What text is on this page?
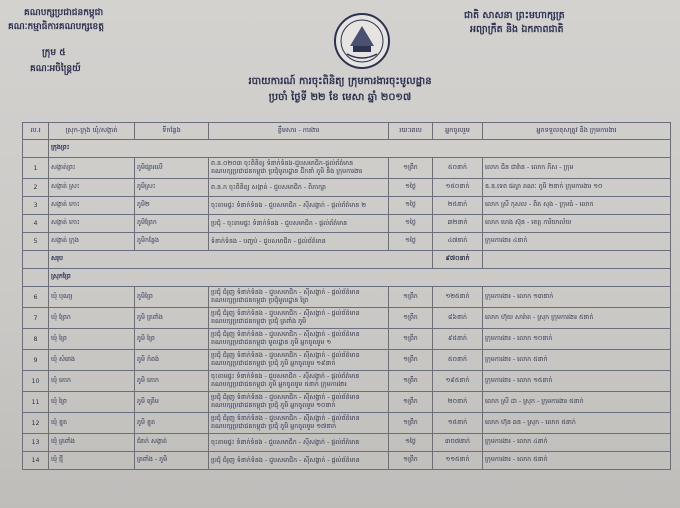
គណបក្សប្រជាជនកម្ពុជា
គណៈកម្មាធិការគណបក្សខេត្ត
ក្រុម ៥
គណៈអចិន្ត្រៃយ៍
ជាតិ សាសនា ព្រះមហាក្សត្រ
អព្យាក្រឹត និង ឯកភាពជាតិ
របាយការណ៍ ការចុះពិនិត្យ ក្រុមការងារចុះមូលដ្ឋាន
ប្រចាំ ថ្ងៃទី ២២ ខែ មេសា ឆ្នាំ ២០១៧
ល.រ	ស្រុក-ក្រុង ឃុំ/សង្កាត់	ទីកន្លែង	ខ្លឹមសារ - ការងារ	រយៈពេល	អ្នកចូលរួម	អ្នកទទួលខុសត្រូវ និង ក្រុមការងារ
	ក្រុងព្រះ					
1	សង្កាត់ព្រះ	ភូមិផ្សារលើ	ព.ន.០២០៣ ចុះពិនិត្យ ទំនាក់ទំនង-ជួបសមាជិក-ផ្ដល់ព័ត៌មាន
គណបក្សប្រជាជនកម្ពុជា ប្រជុំមូលដ្ឋាន ដឹកនាំ ភូមិ និង ក្រុមការងារ	១ព្រឹក	៥០នាក់	លោក ជិន ជាវ៉ាន - លោក ភីស - ក្រុម
2	សង្កាត់ ស្រះ	ភូមិស្រះ	ព.ន.ក ចុះពិនិត្យ សង្កាត់ - ជួបសមាជិក - ពិភាក្សា	១ថ្ងៃ	១៥០នាក់	ឧ.ឧ.ទេព ផល្លា គណៈ ភូមិ ២នាក់ ក្រុមការងារ ១០
3	សង្កាត់ កោះ	ភូមិ២	ចុះតាមផ្ទះ ទំនាក់ទំនង - ជួបសមាជិក - ស៊ីសង្វាក់ - ផ្ដល់ព័ត៌មាន ២	១ថ្ងៃ	២៥នាក់	លោក ស្រី កុសល - ពិត សុង - ក្រុមធំ - លោក
4	សង្កាត់ កោះ	ភូមិព្រែក	ប្រជុំ - ចុះតាមផ្ទះ ទំនាក់ទំនង - ជួបសមាជិក - ផ្ដល់ព័ត៌មាន	១ថ្ងៃ	៣២នាក់	លោក ហេង ស៊ុន - ខេត្ត ការិយាល័យ
5	សង្កាត់ ក្រុង	ភូមិកន្លែង	ទំនាក់ទំនង - បញ្ចប់ - ជួបសមាជិក - ផ្ដល់ព័ត៌មាន	១ថ្ងៃ	៤៧នាក់	ក្រុមការងារ ៤នាក់
	សរុប				៩៧០នាក់	
	ស្រុកព្រៃ					
6	ឃុំ បុណ្យ	ភូមិព្រៃ	ប្រជុំ ជំរុញ ទំនាក់ទំនង - ជួបសមាជិក - ស៊ីសង្វាក់ - ផ្ដល់ព័ត៌មាន
គណបក្សប្រជាជនកម្ពុជា ប្រជុំមូលដ្ឋាន ព្រៃ	១ព្រឹក	១២៥នាក់	ក្រុមការងារ - លោក ១៣នាក់
7	ឃុំ ព្រែក	ភូមិ ត្រពាំង	ប្រជុំ ជំរុញ ទំនាក់ទំនង - ជួបសមាជិក - ស៊ីសង្វាក់ - ផ្ដល់ព័ត៌មាន
គណបក្សប្រជាជនកម្ពុជា ប្រជុំ ត្រពាំង ភូមិ	១ព្រឹក	៨៦នាក់	លោក ហ៊ុយ សារ៉ាត - ស្រុក ក្រុមការងារ ៥នាក់
8	ឃុំ ព្រៃ	ភូមិ ព្រៃ	ប្រជុំ ជំរុញ ទំនាក់ទំនង - ជួបសមាជិក - ស៊ីសង្វាក់ - ផ្ដល់ព័ត៌មាន
គណបក្សប្រជាជនកម្ពុជា មូលដ្ឋាន ភូមិ អ្នកចូលរួម ១	១ព្រឹក	៩៥នាក់	ក្រុមការងារ - លោក ១០នាក់
9	ឃុំ សំរោង	ភូមិ កំពង់	ប្រជុំ ជំរុញ ទំនាក់ទំនង - ជួបសមាជិក - ស៊ីសង្វាក់ - ផ្ដល់ព័ត៌មាន
គណបក្សប្រជាជនកម្ពុជា ប្រជុំ ភូមិ អ្នកចូលរួម ១៩នាក់	១ព្រឹក	៥០នាក់	ក្រុមការងារ - លោក ៥នាក់
10	ឃុំ គោក	ភូមិ គោក	ចុះតាមផ្ទះ ទំនាក់ទំនង - ជួបសមាជិក - ស៊ីសង្វាក់ - ផ្ដល់ព័ត៌មាន
គណបក្សប្រជាជនកម្ពុជា ភូមិ អ្នកចូលរួម ៥នាក់ ក្រុមការងារ	១ព្រឹក	១៩៥នាក់	ក្រុមការងារ - លោក ១៥នាក់
11	ឃុំ ព្រៃ	ភូមិ ត្រើម	ប្រជុំ ជំរុញ ទំនាក់ទំនង - ជួបសមាជិក - ស៊ីសង្វាក់ - ផ្ដល់ព័ត៌មាន
គណបក្សប្រជាជនកម្ពុជា ប្រជុំ ភូមិ អ្នកចូលរួម ១០នាក់	១ព្រឹក	២០នាក់	លោក ស្រី ដា - ស្រុក - ក្រុមការងារ ៥នាក់
12	ឃុំ ខ្នុត	ភូមិ ខ្នុត	ប្រជុំ ជំរុញ ទំនាក់ទំនង - ជួបសមាជិក - ស៊ីសង្វាក់ - ផ្ដល់ព័ត៌មាន
គណបក្សប្រជាជនកម្ពុជា ប្រជុំ ភូមិ អ្នកចូលរួម ១៧នាក់	១ព្រឹក	១៥នាក់	លោក ហ៊ុន ឆន - ស្រុក - លោក ៥នាក់
13	ឃុំ ត្រពាំង	ជំរាក់ សង្កាត់	ចុះតាមផ្ទះ ទំនាក់ទំនង - ជួបសមាជិក - ស៊ីសង្វាក់ - ផ្ដល់ព័ត៌មាន	១ថ្ងៃ	៣០៧នាក់	ក្រុមការងារ - លោក ៤នាក់
14	ឃុំ ថ្មី	ត្រពាំង - ភូមិ	ប្រជុំ ជំរុញ ទំនាក់ទំនង - ជួបសមាជិក - ស៊ីសង្វាក់ - ផ្ដល់ព័ត៌មាន	១ព្រឹក	១១៥នាក់	ក្រុមការងារ - លោក ៥នាក់
